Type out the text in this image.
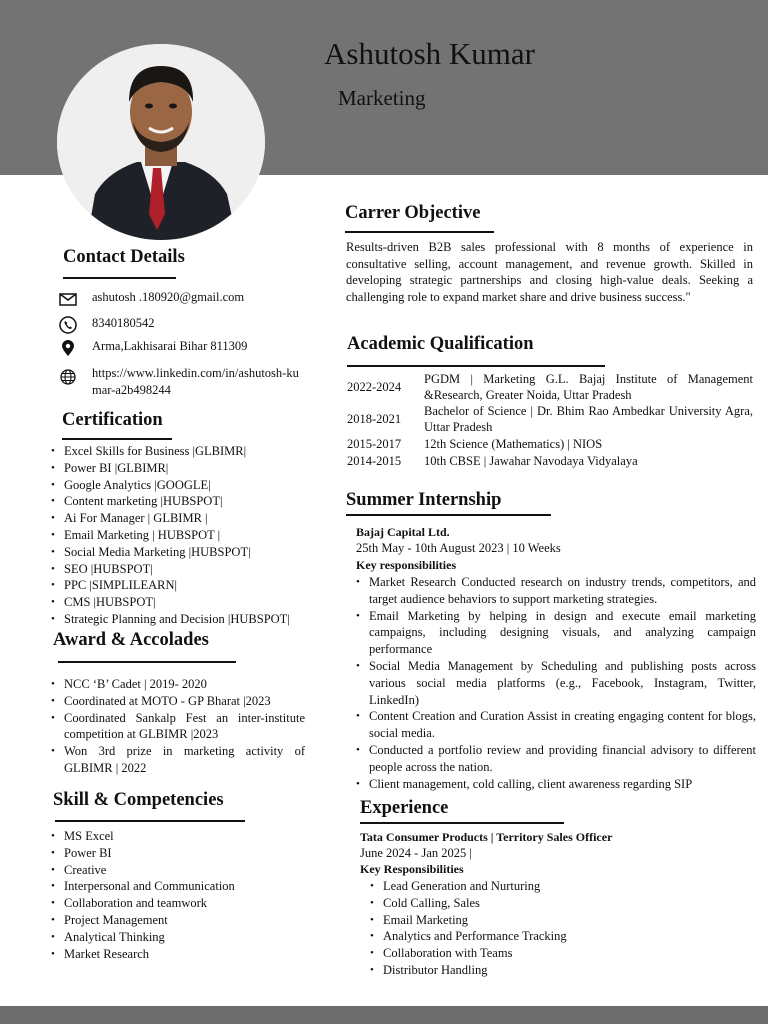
Ashutosh Kumar
Marketing
Contact Details
ashutosh .180920@gmail.com
8340180542
Arma,Lakhisarai Bihar 811309
https://www.linkedin.com/in/ashutosh-kumar-a2b498244
Certification
• Excel Skills for Business |GLBIMR|
• Power BI |GLBIMR|
• Google Analytics |GOOGLE|
• Content marketing |HUBSPOT|
• Ai For Manager | GLBIMR |
• Email Marketing | HUBSPOT |
• Social Media Marketing |HUBSPOT|
• SEO |HUBSPOT|
• PPC |SIMPLILEARN|
• CMS |HUBSPOT|
• Strategic Planning and Decision |HUBSPOT|
Award & Accolades
• NCC ‘B’ Cadet | 2019- 2020
• Coordinated at MOTO - GP Bharat |2023
• Coordinated Sankalp Fest an inter-institute competition at GLBIMR |2023
• Won 3rd prize in marketing activity of GLBIMR | 2022
Skill & Competencies
• MS Excel
• Power BI
• Creative
• Interpersonal and Communication
• Collaboration and teamwork
• Project Management
• Analytical Thinking
• Market Research
Carrer Objective
Results-driven B2B sales professional with 8 months of experience in consultative selling, account management, and revenue growth. Skilled in developing strategic partnerships and closing high-value deals. Seeking a challenging role to expand market share and drive business success."
Academic Qualification
2022-2024
PGDM | Marketing G.L. Bajaj Institute of Management &Research, Greater Noida, Uttar Pradesh
2018-2021
Bachelor of Science | Dr. Bhim Rao Ambedkar University Agra, Uttar Pradesh
2015-2017	12th Science (Mathematics) | NIOS
2014-2015	10th CBSE | Jawahar Navodaya Vidyalaya
Summer Internship
Bajaj Capital Ltd.
25th May - 10th August 2023 | 10 Weeks
Key responsibilities
• Market Research Conducted research on industry trends, competitors, and target audience behaviors to support marketing strategies.
• Email Marketing by helping in design and execute email marketing campaigns, including designing visuals, and analyzing campaign performance
• Social Media Management by Scheduling and publishing posts across various social media platforms (e.g., Facebook, Instagram, Twitter, LinkedIn)
• Content Creation and Curation Assist in creating engaging content for blogs, social media.
• Conducted a portfolio review and providing financial advisory to different people across the nation.
• Client management, cold calling, client awareness regarding SIP
Experience
Tata Consumer Products | Territory Sales Officer
June 2024 - Jan 2025 |
Key Responsibilities
• Lead Generation and Nurturing
• Cold Calling, Sales
• Email Marketing
• Analytics and Performance Tracking
• Collaboration with Teams
• Distributor Handling
